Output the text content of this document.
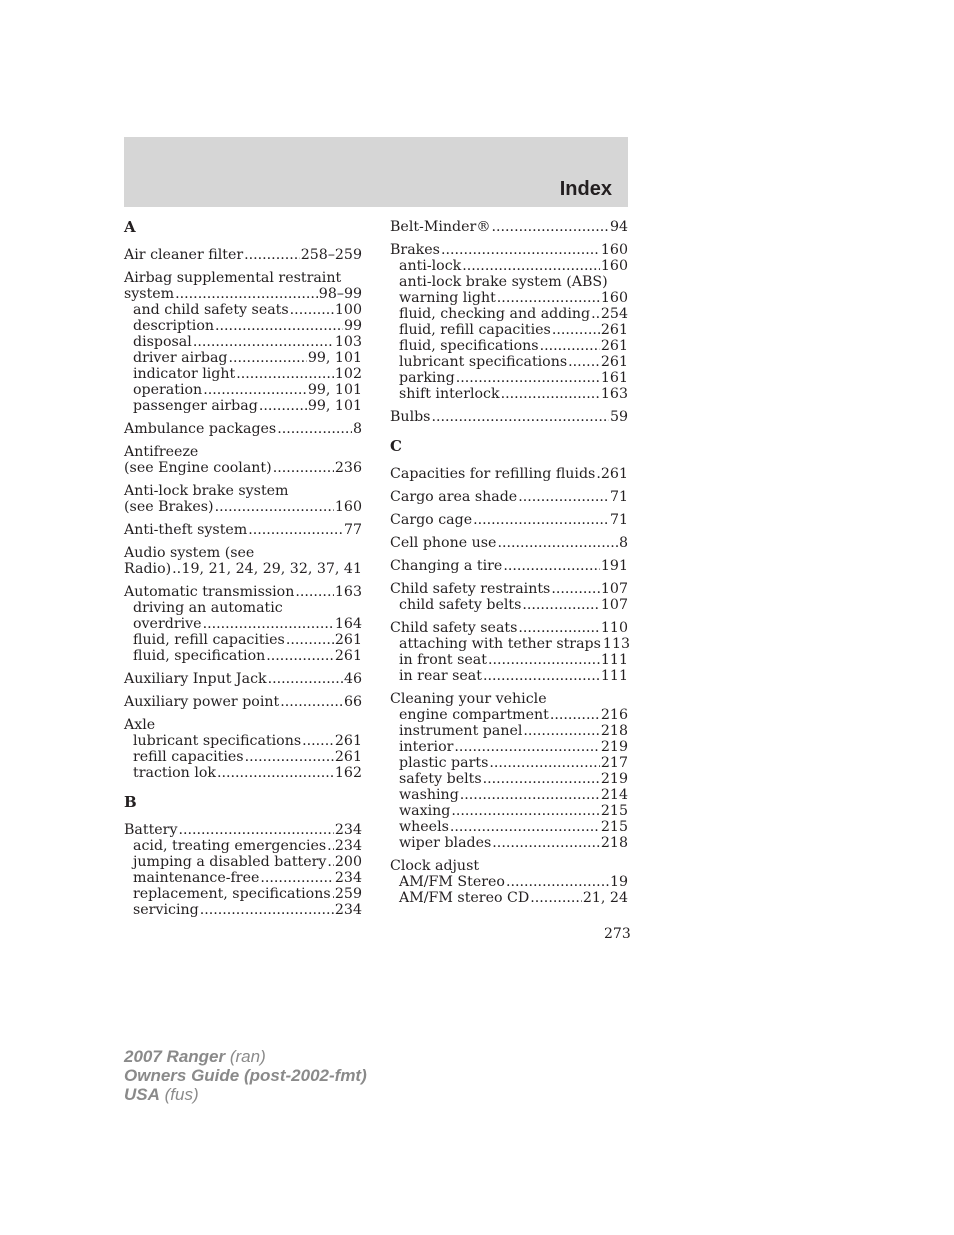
Index
A
Air cleaner filter .....	258–259
Airbag supplemental restraint
system .....	98–99
and child safety seats .....	100
description .....	99
disposal .....	103
driver airbag .....	99, 101
indicator light .....	102
operation .....	99, 101
passenger airbag .....	99, 101
Ambulance packages .....	8
Antifreeze
(see Engine coolant) .....	236
Anti-lock brake system
(see Brakes) .....	160
Anti-theft system .....	77
Audio system (see
Radio) ..... 19, 21, 24, 29, 32, 37, 41
Automatic transmission .....	163
driving an automatic
overdrive .....	164
fluid, refill capacities .....	261
fluid, specification .....	261
Auxiliary Input Jack .....	46
Auxiliary power point .....	66
Axle
lubricant specifications ..... 261
refill capacities .....	261
traction lok .....	162
B
Battery .....	234
acid, treating emergencies ..... 234
jumping a disabled battery ..... 200
maintenance-free .....	234
replacement, specifications ..... 259
servicing .....	234
Belt-Minder® .....	94
Brakes .....	160
anti-lock .....	160
anti-lock brake system (ABS)
warning light .....	160
fluid, checking and adding ..... 254
fluid, refill capacities .....	261
fluid, specifications .....	261
lubricant specifications ..... 261
parking .....	161
shift interlock .....	163
Bulbs .....	59
C
Capacities for refilling fluids ..... 261
Cargo area shade .....	71
Cargo cage .....	71
Cell phone use .....	8
Changing a tire .....	191
Child safety restraints .....	107
child safety belts .....	107
Child safety seats .....	110
attaching with tether straps 113
in front seat .....	111
in rear seat .....	111
Cleaning your vehicle
engine compartment .....	216
instrument panel .....	218
interior .....	219
plastic parts .....	217
safety belts .....	219
washing .....	214
waxing .....	215
wheels .....	215
wiper blades .....	218
Clock adjust
AM/FM Stereo .....	19
AM/FM stereo CD .....	21, 24
273
2007 Ranger (ran)
Owners Guide (post-2002-fmt)
USA (fus)
